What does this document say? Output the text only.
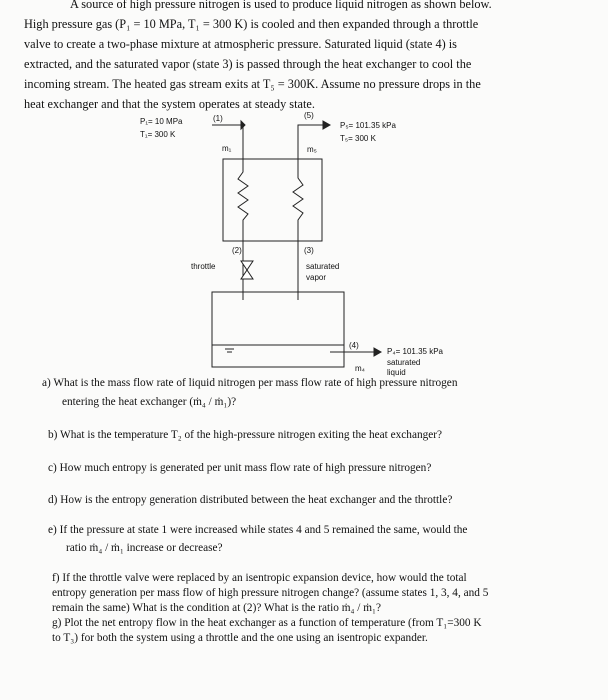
A source of high pressure nitrogen is used to produce liquid nitrogen as shown below.
High pressure gas (P₁ = 10 MPa, T₁ = 300 K) is cooled and then expanded through a throttle
valve to create a two-phase mixture at atmospheric pressure. Saturated liquid (state 4) is
extracted, and the saturated vapor (state 3) is passed through the heat exchanger to cool the
incoming stream. The heated gas stream exits at T₅ = 300K. Assume no pressure drops in the
heat exchanger and that the system operates at steady state.
P₁= 10 MPa
T₁= 300 K
(1)
m₁
(5)
P₅= 101.35 kPa
T₅= 300 K
m₅
(2)	(3)
throttle	saturated
vapor
(4)
P₄= 101.35 kPa
saturated
liquid
m₄
a) What is the mass flow rate of liquid nitrogen per mass flow rate of high pressure nitrogen
entering the heat exchanger (ṁ₄ / ṁ₁)?
b) What is the temperature T₂ of the high-pressure nitrogen exiting the heat exchanger?
c) How much entropy is generated per unit mass flow rate of high pressure nitrogen?
d) How is the entropy generation distributed between the heat exchanger and the throttle?
e) If the pressure at state 1 were increased while states 4 and 5 remained the same, would the
ratio ṁ₄ / ṁ₁ increase or decrease?
f) If the throttle valve were replaced by an isentropic expansion device, how would the total
entropy generation per mass flow of high pressure nitrogen change? (assume states 1, 3, 4, and 5
remain the same) What is the condition at (2)? What is the ratio ṁ₄ / ṁ₁?
g) Plot the net entropy flow in the heat exchanger as a function of temperature (from T₁=300 K
to T₃) for both the system using a throttle and the one using an isentropic expander.
